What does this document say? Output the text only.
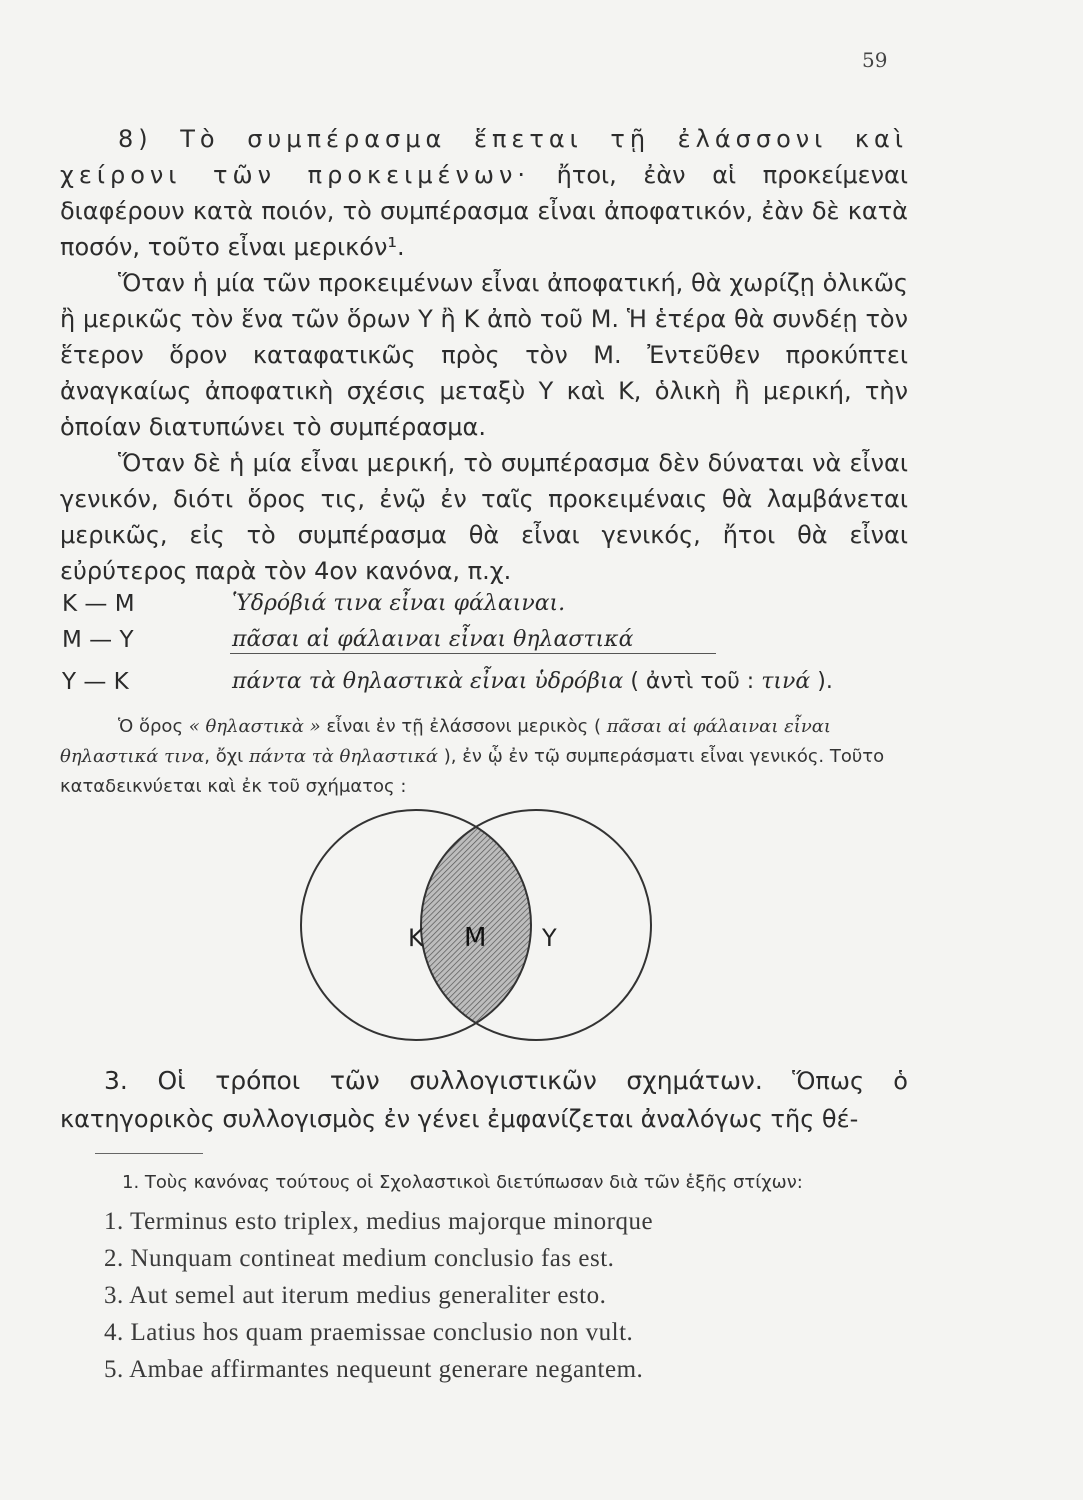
59

8) Τὸ συμπέρασμα ἕπεται τῇ ἐλάσσονι καὶ χείρονι τῶν προκειμένων· ἤτοι, ἐὰν αἱ προκείμεναι διαφέρουν κατὰ ποιόν, τὸ συμπέρασμα εἶναι ἀποφατικόν, ἐὰν δὲ κατὰ ποσόν, τοῦτο εἶναι μερικόν¹.

Ὅταν ἡ μία τῶν προκειμένων εἶναι ἀποφατική, θὰ χωρίζῃ ὁλικῶς ἢ μερικῶς τὸν ἕνα τῶν ὅρων Υ ἢ Κ ἀπὸ τοῦ Μ. Ἡ ἑτέρα θὰ συνδέῃ τὸν ἕτερον ὅρον καταφατικῶς πρὸς τὸν Μ. Ἐντεῦθεν προκύπτει ἀναγκαίως ἀποφατικὴ σχέσις μεταξὺ Υ καὶ Κ, ὁλικὴ ἢ μερική, τὴν ὁποίαν διατυπώνει τὸ συμπέρασμα.

Ὅταν δὲ ἡ μία εἶναι μερική, τὸ συμπέρασμα δὲν δύναται νὰ εἶναι γενικόν, διότι ὅρος τις, ἐνῷ ἐν ταῖς προκειμέναις θὰ λαμβάνεται μερικῶς, εἰς τὸ συμπέρασμα θὰ εἶναι γενικός, ἤτοι θὰ εἶναι εὐρύτερος παρὰ τὸν 4ον κανόνα, π.χ.

Κ — Μ	Ὑδρόβιά τινα εἶναι φάλαιναι.
Μ — Υ	πᾶσαι αἱ φάλαιναι εἶναι θηλαστικά
Υ — Κ	πάντα τὰ θηλαστικὰ εἶναι ὑδρόβια ( ἀντὶ τοῦ : τινά ).

Ὁ ὅρος « θηλαστικὰ » εἶναι ἐν τῇ ἐλάσσονι μερικὸς ( πᾶσαι αἱ φάλαιναι εἶναι θηλαστικά τινα, ὄχι πάντα τὰ θηλαστικά ), ἐν ᾧ ἐν τῷ συμπεράσματι εἶναι γενικός. Τοῦτο καταδεικνύεται καὶ ἐκ τοῦ σχήματος :

Κ Μ Υ

3. Οἱ τρόποι τῶν συλλογιστικῶν σχημάτων. Ὅπως ὁ κατηγορικὸς συλλογισμὸς ἐν γένει ἐμφανίζεται ἀναλόγως τῆς θέ-

1. Τοὺς κανόνας τούτους οἱ Σχολαστικοὶ διετύπωσαν διὰ τῶν ἑξῆς στίχων:
1. Terminus esto triplex, medius majorque minorque
2. Nunquam contineat medium conclusio fas est.
3. Aut semel aut iterum medius generaliter esto.
4. Latius hos quam praemissae conclusio non vult.
5. Ambae affirmantes nequeunt generare negantem.
